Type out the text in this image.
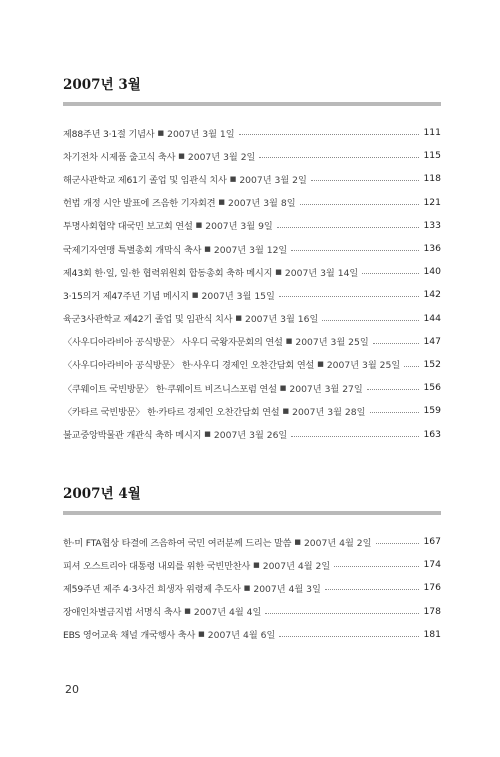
2007년 3월
제88주년 3·1절 기념사 ■ 2007년 3월 1일	111
차기전차 시제품 출고식 축사 ■ 2007년 3월 2일	115
해군사관학교 제61기 졸업 및 임관식 치사 ■ 2007년 3월 2일	118
헌법 개정 시안 발표에 즈음한 기자회견 ■ 2007년 3월 8일	121
투명사회협약 대국민 보고회 연설 ■ 2007년 3월 9일	133
국제기자연맹 특별총회 개막식 축사 ■ 2007년 3월 12일	136
제43회 한·일, 일·한 협력위원회 합동총회 축하 메시지 ■ 2007년 3월 14일	140
3·15의거 제47주년 기념 메시지 ■ 2007년 3월 15일	142
육군3사관학교 제42기 졸업 및 임관식 치사 ■ 2007년 3월 16일	144
〈사우디아라비아 공식방문〉 사우디 국왕자문회의 연설 ■ 2007년 3월 25일	147
〈사우디아라비아 공식방문〉 한·사우디 경제인 오찬간담회 연설 ■ 2007년 3월 25일	152
〈쿠웨이트 국빈방문〉 한·쿠웨이트 비즈니스포럼 연설 ■ 2007년 3월 27일	156
〈카타르 국빈방문〉 한·카타르 경제인 오찬간담회 연설 ■ 2007년 3월 28일	159
불교중앙박물관 개관식 축하 메시지 ■ 2007년 3월 26일	163
2007년 4월
한·미 FTA협상 타결에 즈음하여 국민 여러분께 드리는 말씀 ■ 2007년 4월 2일	167
피셔 오스트리아 대통령 내외를 위한 국빈만찬사 ■ 2007년 4월 2일	174
제59주년 제주 4·3사건 희생자 위령제 추도사 ■ 2007년 4월 3일	176
장애인차별금지법 서명식 축사 ■ 2007년 4월 4일	178
EBS 영어교육 채널 개국행사 축사 ■ 2007년 4월 6일	181
20
